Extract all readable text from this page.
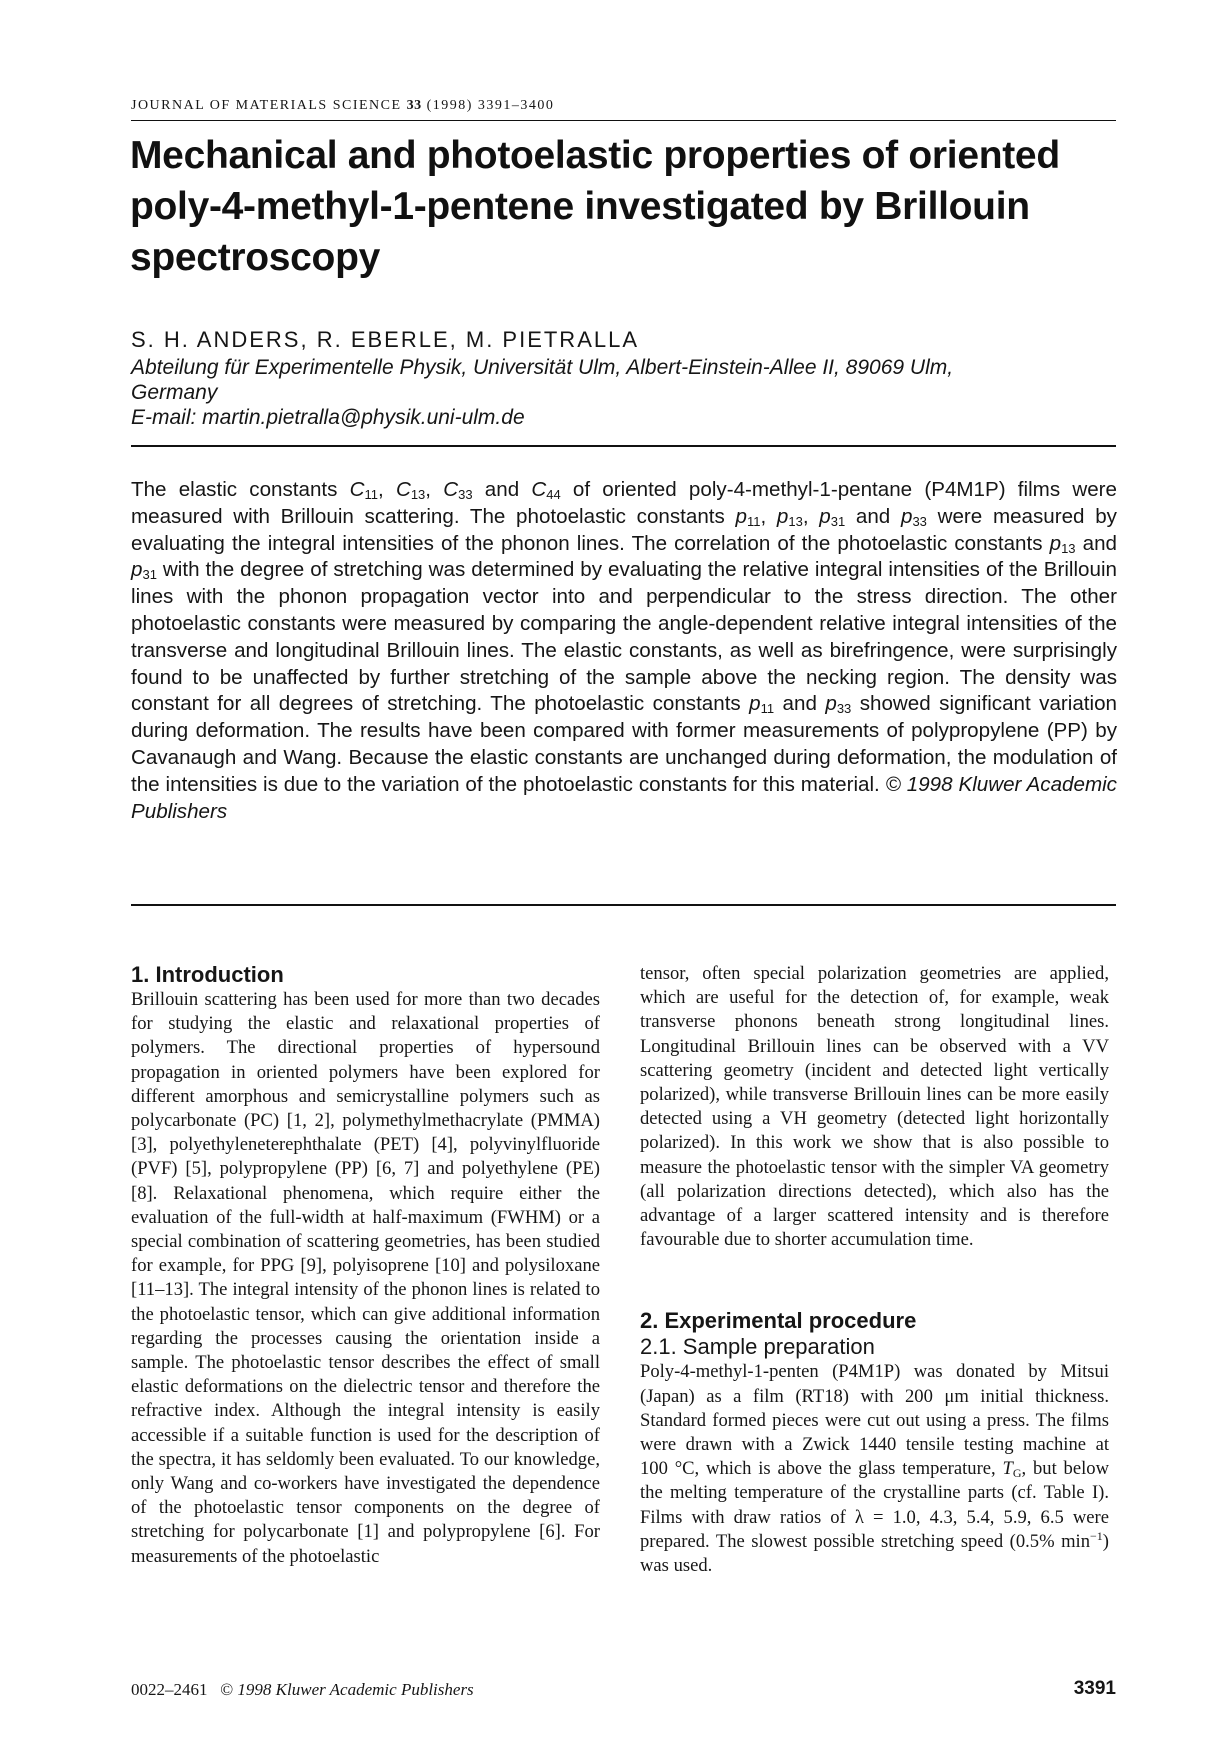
JOURNAL OF MATERIALS SCIENCE 33 (1998) 3391–3400
Mechanical and photoelastic properties of oriented poly-4-methyl-1-pentene investigated by Brillouin spectroscopy
S. H. ANDERS, R. EBERLE, M. PIETRALLA
Abteilung für Experimentelle Physik, Universität Ulm, Albert-Einstein-Allee II, 89069 Ulm,
Germany
E-mail: martin.pietralla@physik.uni-ulm.de
The elastic constants $C_{11}$, $C_{13}$, $C_{33}$ and $C_{44}$ of oriented poly-4-methyl-1-pentane (P4M1P) films were measured with Brillouin scattering. The photoelastic constants $p_{11}$, $p_{13}$, $p_{31}$ and $p_{33}$ were measured by evaluating the integral intensities of the phonon lines. The correlation of the photoelastic constants $p_{13}$ and $p_{31}$ with the degree of stretching was determined by evaluating the relative integral intensities of the Brillouin lines with the phonon propagation vector into and perpendicular to the stress direction. The other photoelastic constants were measured by comparing the angle-dependent relative integral intensities of the transverse and longitudinal Brillouin lines. The elastic constants, as well as birefringence, were surprisingly found to be unaffected by further stretching of the sample above the necking region. The density was constant for all degrees of stretching. The photoelastic constants $p_{11}$ and $p_{33}$ showed significant variation during deformation. The results have been compared with former measurements of polypropylene (PP) by Cavanaugh and Wang. Because the elastic constants are unchanged during deformation, the modulation of the intensities is due to the variation of the photoelastic constants for this material. © 1998 Kluwer Academic Publishers
1. Introduction

Brillouin scattering has been used for more than two decades for studying the elastic and relaxational properties of polymers. The directional properties of hypersound propagation in oriented polymers have been explored for different amorphous and semicrystalline polymers such as polycarbonate (PC) [1, 2], polymethylmethacrylate (PMMA) [3], polyethyleneterephthalate (PET) [4], polyvinylfluoride (PVF) [5], polypropylene (PP) [6, 7] and polyethylene (PE) [8]. Relaxational phenomena, which require either the evaluation of the full-width at half-maximum (FWHM) or a special combination of scattering geometries, has been studied for example, for PPG [9], polyisoprene [10] and polysiloxane [11–13]. The integral intensity of the phonon lines is related to the photoelastic tensor, which can give additional information regarding the processes causing the orientation inside a sample. The photoelastic tensor describes the effect of small elastic deformations on the dielectric tensor and therefore the refractive index. Although the integral intensity is easily accessible if a suitable function is used for the description of the spectra, it has seldomly been evaluated. To our knowledge, only Wang and co-workers have investigated the dependence of the photoelastic tensor components on the degree of stretching for polycarbonate [1] and polypropylene [6]. For measurements of the photoelastic

tensor, often special polarization geometries are applied, which are useful for the detection of, for example, weak transverse phonons beneath strong longitudinal lines. Longitudinal Brillouin lines can be observed with a VV scattering geometry (incident and detected light vertically polarized), while transverse Brillouin lines can be more easily detected using a VH geometry (detected light horizontally polarized). In this work we show that is also possible to measure the photoelastic tensor with the simpler VA geometry (all polarization directions detected), which also has the advantage of a larger scattered intensity and is therefore favourable due to shorter accumulation time.

2. Experimental procedure
2.1. Sample preparation

Poly-4-methyl-1-penten (P4M1P) was donated by Mitsui (Japan) as a film (RT18) with 200 μm initial thickness. Standard formed pieces were cut out using a press. The films were drawn with a Zwick 1440 tensile testing machine at 100 °C, which is above the glass temperature, $T_G$, but below the melting temperature of the crystalline parts (cf. Table I). Films with draw ratios of λ = 1.0, 4.3, 5.4, 5.9, 6.5 were prepared. The slowest possible stretching speed (0.5% $\min^{-1}$) was used.

0022–2461 © 1998 Kluwer Academic Publishers	3391
